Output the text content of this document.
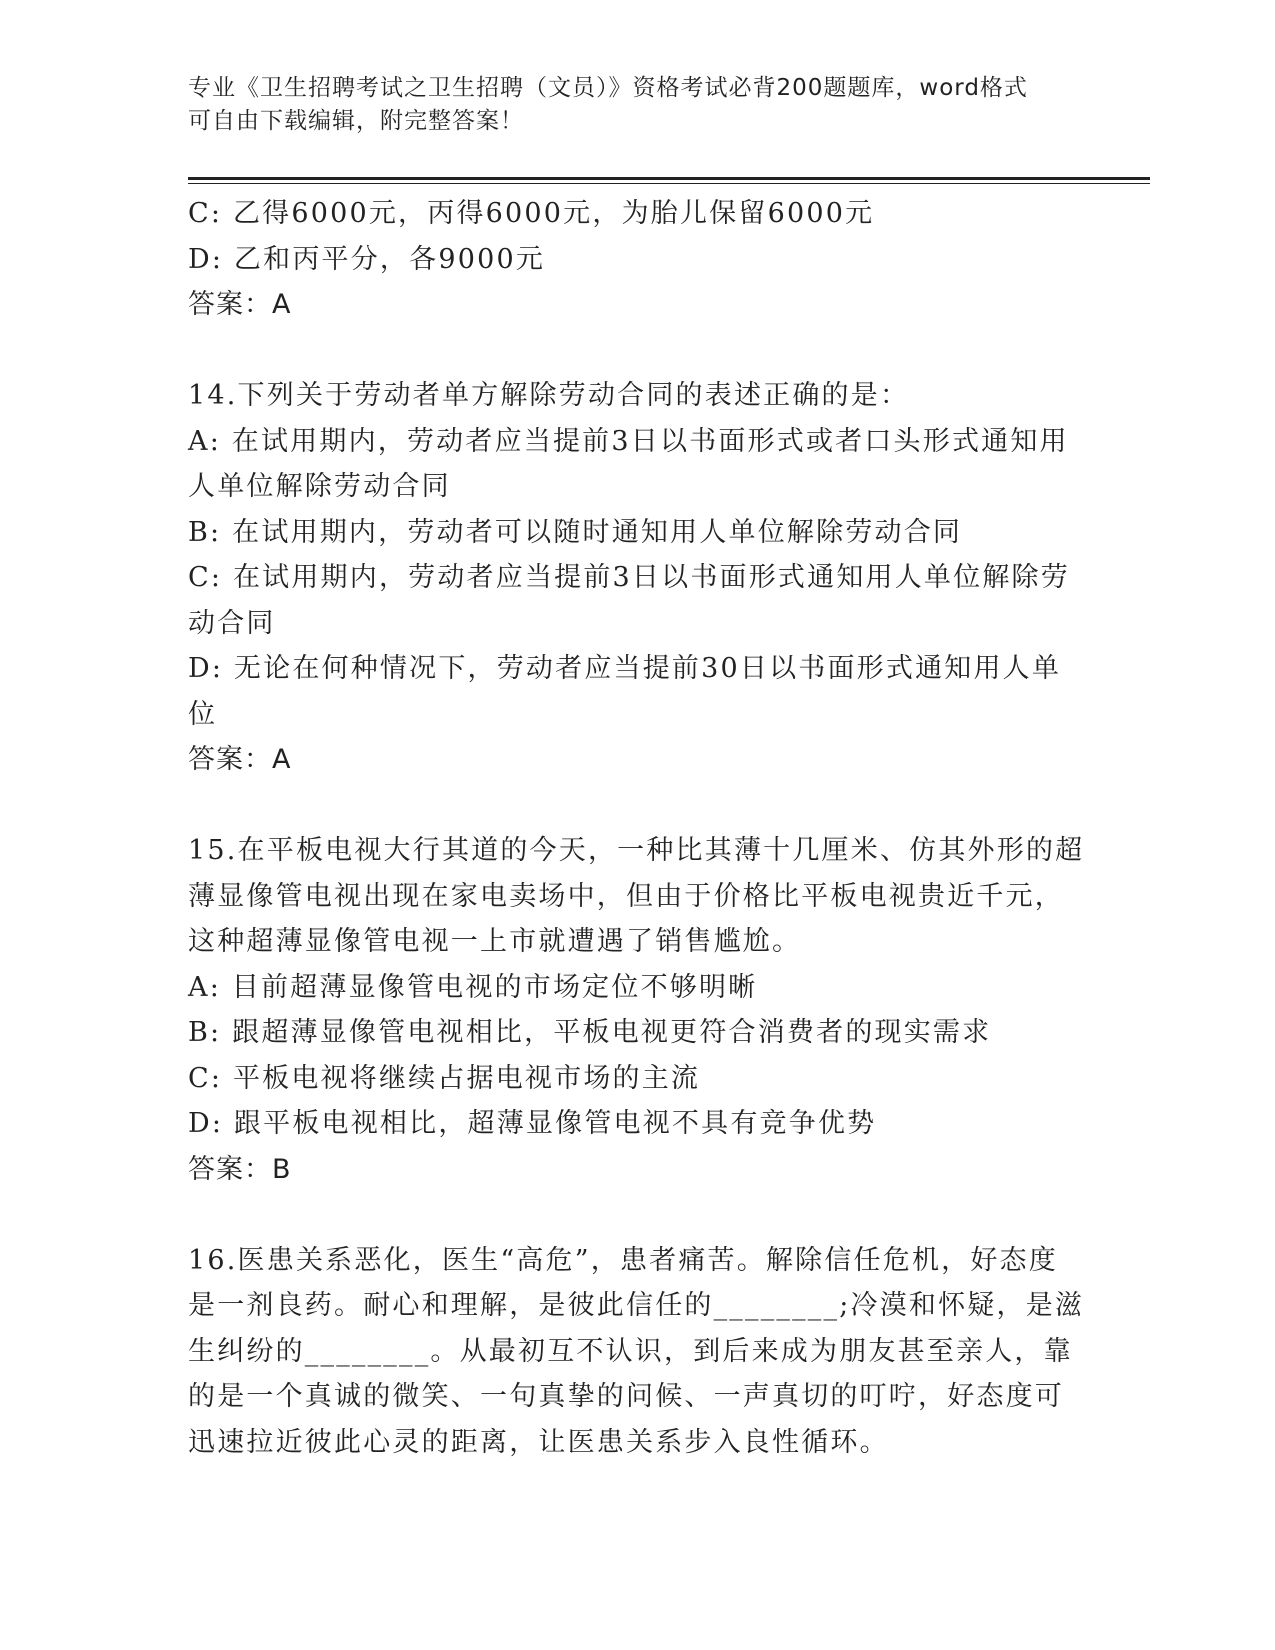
专业《卫生招聘考试之卫生招聘（文员）》资格考试必背200题题库，word格式

可自由下载编辑，附完整答案！

C: 乙得6000元，丙得6000元，为胎儿保留6000元

D: 乙和丙平分，各9000元

答案：A

14.下列关于劳动者单方解除劳动合同的表述正确的是：

A: 在试用期内，劳动者应当提前3日以书面形式或者口头形式通知用

人单位解除劳动合同

B: 在试用期内，劳动者可以随时通知用人单位解除劳动合同

C: 在试用期内，劳动者应当提前3日以书面形式通知用人单位解除劳

动合同

D: 无论在何种情况下，劳动者应当提前30日以书面形式通知用人单

位

答案：A

15.在平板电视大行其道的今天，一种比其薄十几厘米、仿其外形的超

薄显像管电视出现在家电卖场中，但由于价格比平板电视贵近千元，

这种超薄显像管电视一上市就遭遇了销售尴尬。

A: 目前超薄显像管电视的市场定位不够明晰

B: 跟超薄显像管电视相比，平板电视更符合消费者的现实需求

C: 平板电视将继续占据电视市场的主流

D: 跟平板电视相比，超薄显像管电视不具有竞争优势

答案：B

16.医患关系恶化，医生“高危”，患者痛苦。解除信任危机，好态度

是一剂良药。耐心和理解，是彼此信任的________;冷漠和怀疑，是滋

生纠纷的________。从最初互不认识，到后来成为朋友甚至亲人，靠

的是一个真诚的微笑、一句真挚的问候、一声真切的叮咛，好态度可

迅速拉近彼此心灵的距离，让医患关系步入良性循环。
